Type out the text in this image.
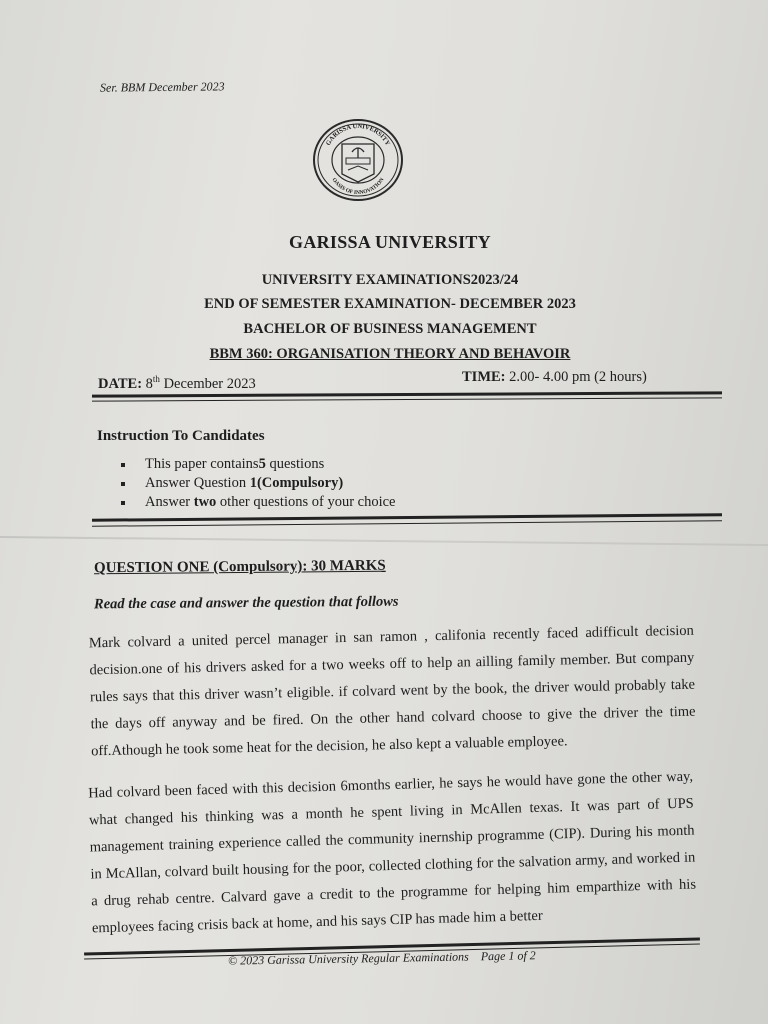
Ser. BBM December 2023
GARISSA UNIVERSITY
OASIS OF INNOVATION
GARISSA UNIVERSITY
UNIVERSITY EXAMINATIONS2023/24
END OF SEMESTER EXAMINATION- DECEMBER 2023
BACHELOR OF BUSINESS MANAGEMENT
BBM 360: ORGANISATION THEORY AND BEHAVOIR
DATE: 8th December 2023	TIME: 2.00- 4.00 pm (2 hours)
Instruction To Candidates
This paper contains5 questions
Answer Question 1(Compulsory)
Answer two other questions of your choice
QUESTION ONE (Compulsory): 30 MARKS
Read the case and answer the question that follows
Mark colvard a united percel manager in san ramon , califonia recently faced adifficult decision decision.one of his drivers asked for a two weeks off to help an ailling family member. But company rules says that this driver wasn’t eligible. if colvard went by the book, the driver would probably take the days off anyway and be fired. On the other hand colvard choose to give the driver the time off.Athough he took some heat for the decision, he also kept a valuable employee.
Had colvard been faced with this decision 6months earlier, he says he would have gone the other way, what changed his thinking was a month he spent living in McAllen texas. It was part of UPS management training experience called the community inernship programme (CIP). During his month in McAllan, colvard built housing for the poor, collected clothing for the salvation army, and worked in a drug rehab centre. Calvard gave a credit to the programme for helping him emparthize with his employees facing crisis back at home, and his says CIP has made him a better
© 2023 Garissa University Regular Examinations Page 1 of 2
